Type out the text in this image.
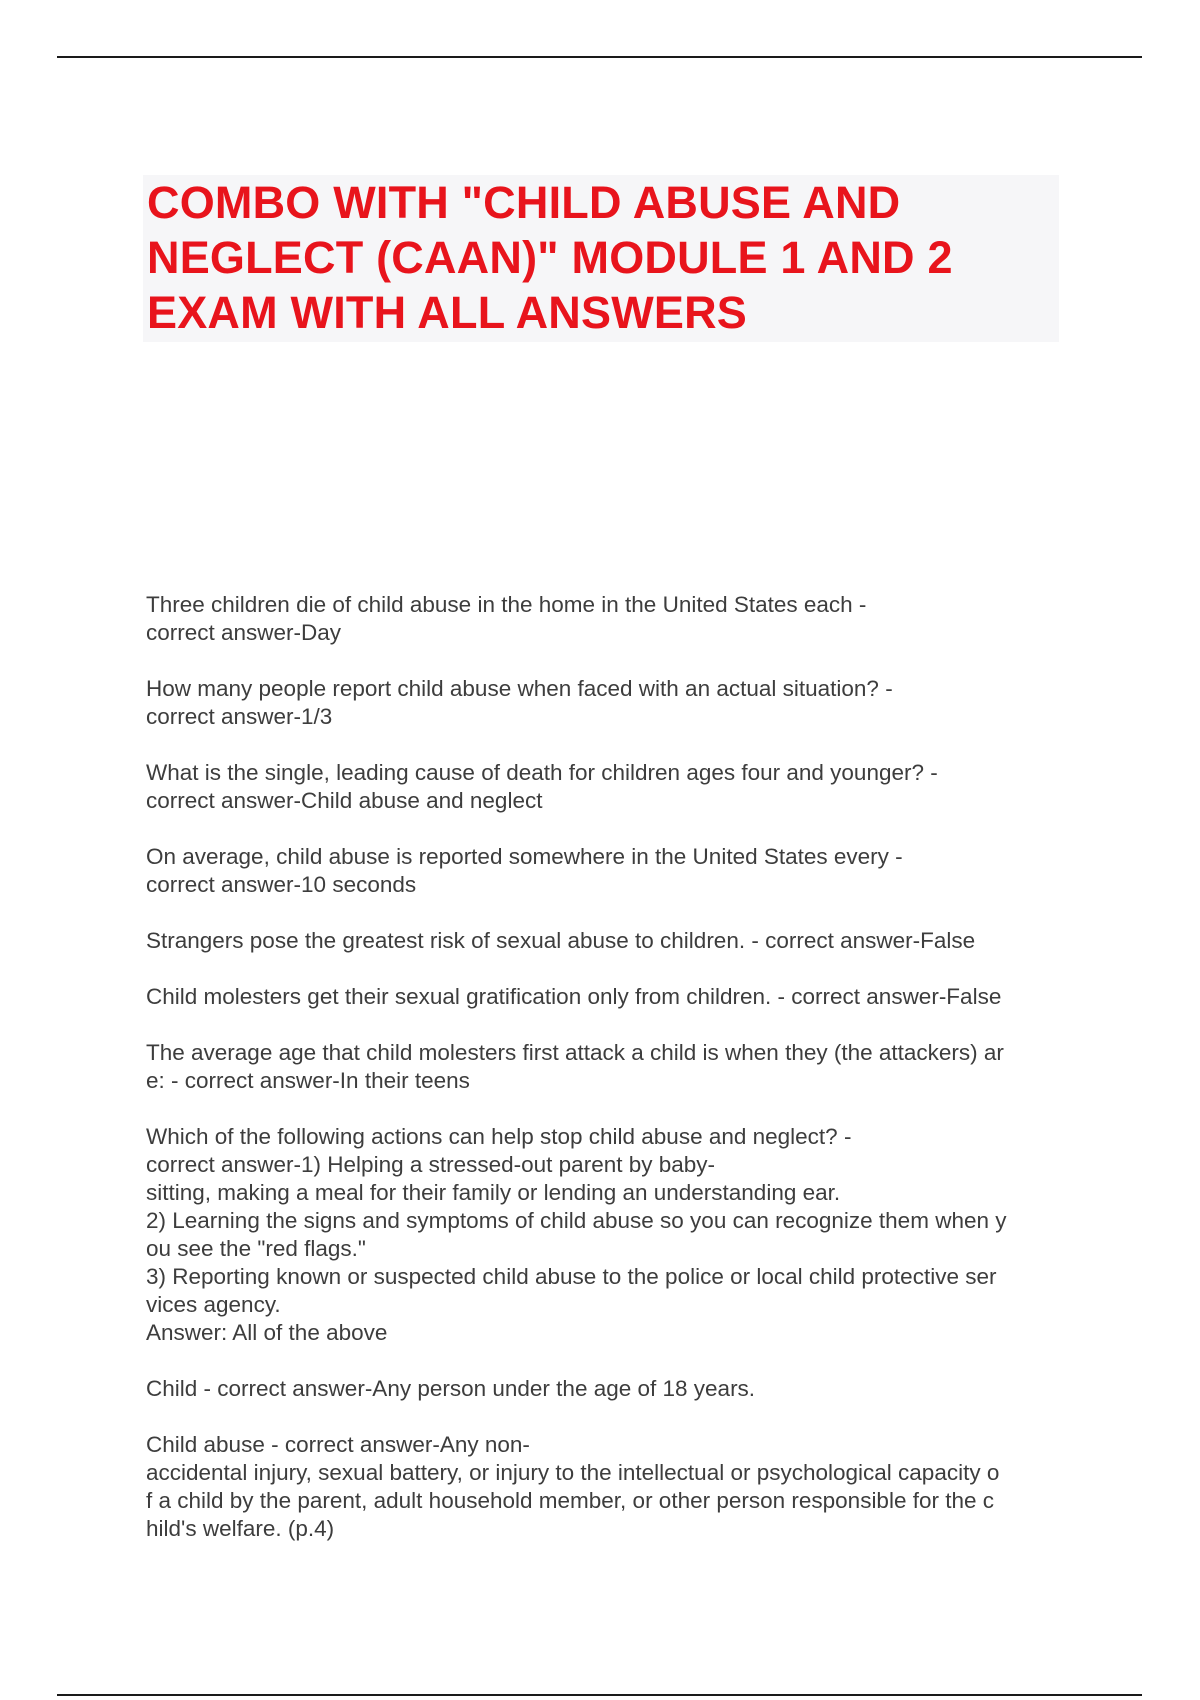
COMBO WITH "CHILD ABUSE AND
NEGLECT (CAAN)" MODULE 1 AND 2
EXAM WITH ALL ANSWERS

Three children die of child abuse in the home in the United States each -
correct answer-Day

How many people report child abuse when faced with an actual situation? -
correct answer-1/3

What is the single, leading cause of death for children ages four and younger? -
correct answer-Child abuse and neglect

On average, child abuse is reported somewhere in the United States every -
correct answer-10 seconds

Strangers pose the greatest risk of sexual abuse to children. - correct answer-False

Child molesters get their sexual gratification only from children. - correct answer-False

The average age that child molesters first attack a child is when they (the attackers) ar
e: - correct answer-In their teens

Which of the following actions can help stop child abuse and neglect? -
correct answer-1) Helping a stressed-out parent by baby-
sitting, making a meal for their family or lending an understanding ear.
2) Learning the signs and symptoms of child abuse so you can recognize them when y
ou see the "red flags."
3) Reporting known or suspected child abuse to the police or local child protective ser
vices agency.
Answer: All of the above

Child - correct answer-Any person under the age of 18 years.

Child abuse - correct answer-Any non-
accidental injury, sexual battery, or injury to the intellectual or psychological capacity o
f a child by the parent, adult household member, or other person responsible for the c
hild's welfare. (p.4)
